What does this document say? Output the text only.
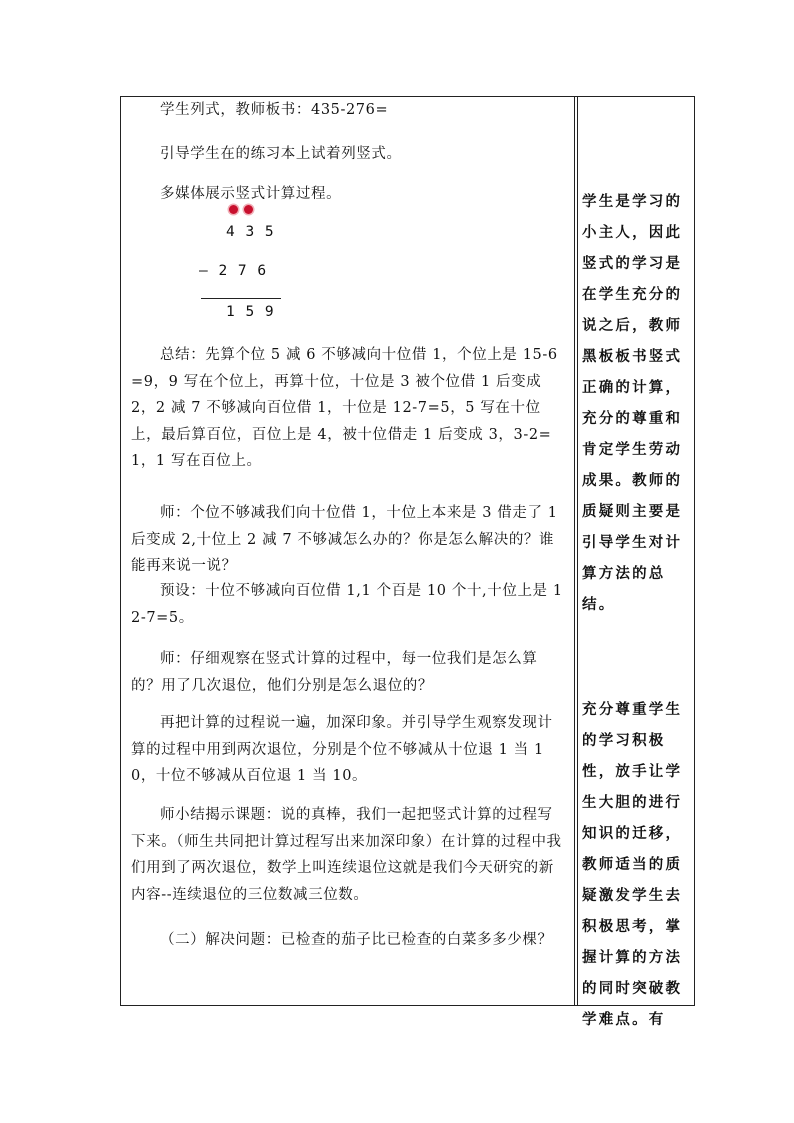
学生列式，教师板书：435-276=

引导学生在的练习本上试着列竖式。

多媒体展示竖式计算过程。

4 3 5
— 2 7 6
1 5 9

总结：先算个位 5 减 6 不够减向十位借 1，个位上是 15-6=9，9 写在个位上，再算十位，十位是 3 被个位借 1 后变成 2，2 减 7 不够减向百位借 1，十位是 12-7=5，5 写在十位上，最后算百位，百位上是 4，被十位借走 1 后变成 3，3-2=1，1 写在百位上。

师：个位不够减我们向十位借 1，十位上本来是 3 借走了 1 后变成 2,十位上 2 减 7 不够减怎么办的？你是怎么解决的？谁能再来说一说？

预设：十位不够减向百位借 1,1 个百是 10 个十,十位上是 12-7=5。

师：仔细观察在竖式计算的过程中，每一位我们是怎么算的？用了几次退位，他们分别是怎么退位的？

再把计算的过程说一遍，加深印象。并引导学生观察发现计算的过程中用到两次退位，分别是个位不够减从十位退 1 当 10，十位不够减从百位退 1 当 10。

师小结揭示课题：说的真棒，我们一起把竖式计算的过程写下来。（师生共同把计算过程写出来加深印象）在计算的过程中我们用到了两次退位，数学上叫连续退位这就是我们今天研究的新内容--连续退位的三位数减三位数。

（二）解决问题：已检查的茄子比已检查的白菜多多少棵？

学生是学习的小主人，因此竖式的学习是在学生充分的说之后，教师黑板板书竖式正确的计算，充分的尊重和肯定学生劳动成果。教师的质疑则主要是引导学生对计算方法的总结。

充分尊重学生的学习积极性，放手让学生大胆的进行知识的迁移，教师适当的质疑激发学生去积极思考，掌握计算的方法的同时突破教学难点。有
